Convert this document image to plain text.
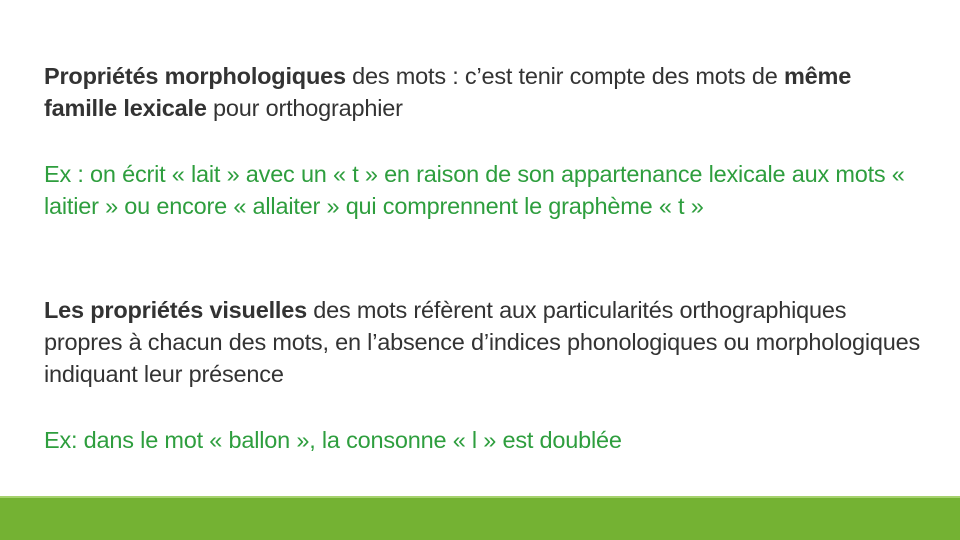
Propriétés morphologiques des mots : c’est tenir compte des mots de même famille lexicale pour orthographier

Ex : on écrit « lait » avec un « t » en raison de son appartenance lexicale aux mots « laitier » ou encore « allaiter » qui comprennent le graphème « t »

Les propriétés visuelles des mots réfèrent aux particularités orthographiques propres à chacun des mots, en l’absence d’indices phonologiques ou morphologiques indiquant leur présence

Ex: dans le mot « ballon », la consonne « l » est doublée
